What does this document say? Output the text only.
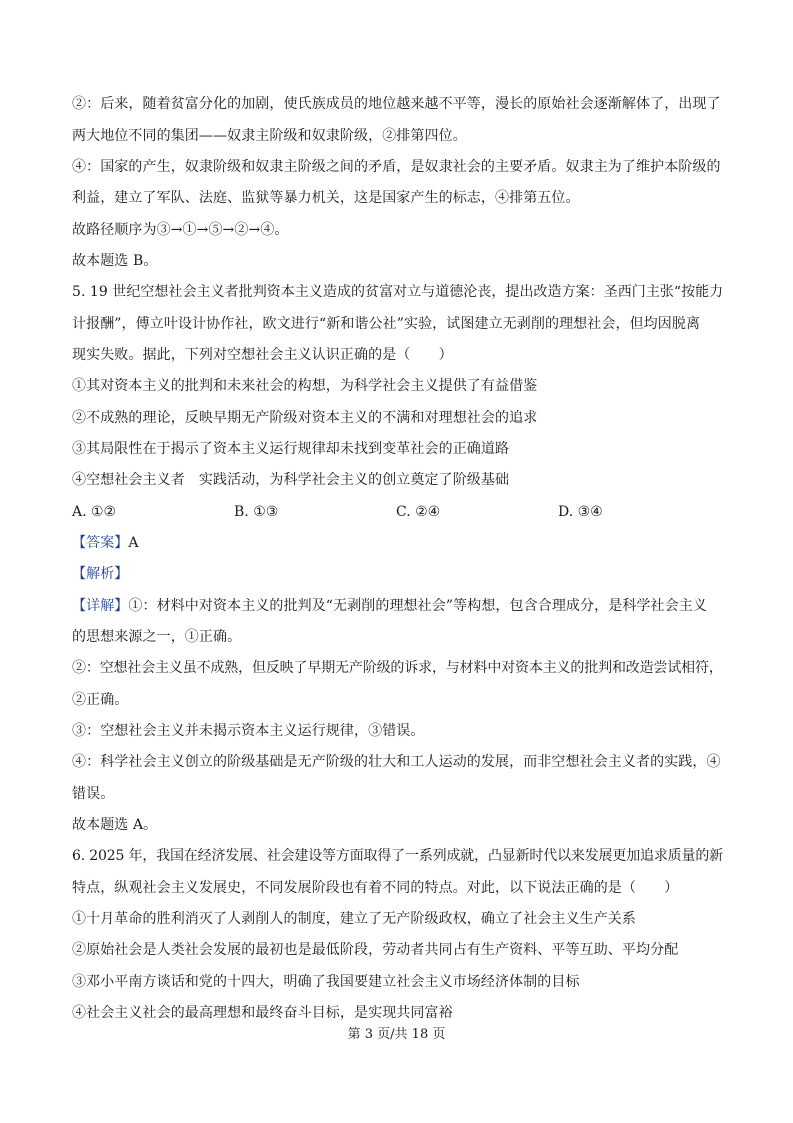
②：后来，随着贫富分化的加剧，使氏族成员的地位越来越不平等，漫长的原始社会逐渐解体了，出现了
两大地位不同的集团——奴隶主阶级和奴隶阶级，②排第四位。
④：国家的产生，奴隶阶级和奴隶主阶级之间的矛盾，是奴隶社会的主要矛盾。奴隶主为了维护本阶级的
利益，建立了军队、法庭、监狱等暴力机关，这是国家产生的标志，④排第五位。
故路径顺序为③→①→⑤→②→④。
故本题选 B。
5. 19 世纪空想社会主义者批判资本主义造成的贫富对立与道德沦丧，提出改造方案：圣西门主张“按能力
计报酬”，傅立叶设计协作社，欧文进行“新和谐公社”实验，试图建立无剥削的理想社会，但均因脱离
现实失败。据此，下列对空想社会主义认识正确的是（　　）
①其对资本主义的批判和未来社会的构想，为科学社会主义提供了有益借鉴
②不成熟的理论，反映早期无产阶级对资本主义的不满和对理想社会的追求
③其局限性在于揭示了资本主义运行规律却未找到变革社会的正确道路
④空想社会主义者　实践活动，为科学社会主义的创立奠定了阶级基础
A. ①②	B. ①③	C. ②④	D. ③④
【答案】A
【解析】
【详解】①：材料中对资本主义的批判及“无剥削的理想社会”等构想，包含合理成分，是科学社会主义
的思想来源之一，①正确。
②：空想社会主义虽不成熟，但反映了早期无产阶级的诉求，与材料中对资本主义的批判和改造尝试相符，
②正确。
③：空想社会主义并未揭示资本主义运行规律，③错误。
④：科学社会主义创立的阶级基础是无产阶级的壮大和工人运动的发展，而非空想社会主义者的实践，④
错误。
故本题选 A。
6. 2025 年，我国在经济发展、社会建设等方面取得了一系列成就，凸显新时代以来发展更加追求质量的新
特点，纵观社会主义发展史，不同发展阶段也有着不同的特点。对此，以下说法正确的是（　　）
①十月革命的胜利消灭了人剥削人的制度，建立了无产阶级政权，确立了社会主义生产关系
②原始社会是人类社会发展的最初也是最低阶段，劳动者共同占有生产资料、平等互助、平均分配
③邓小平南方谈话和党的十四大，明确了我国要建立社会主义市场经济体制的目标
④社会主义社会的最高理想和最终奋斗目标，是实现共同富裕
第 3 页/共 18 页
